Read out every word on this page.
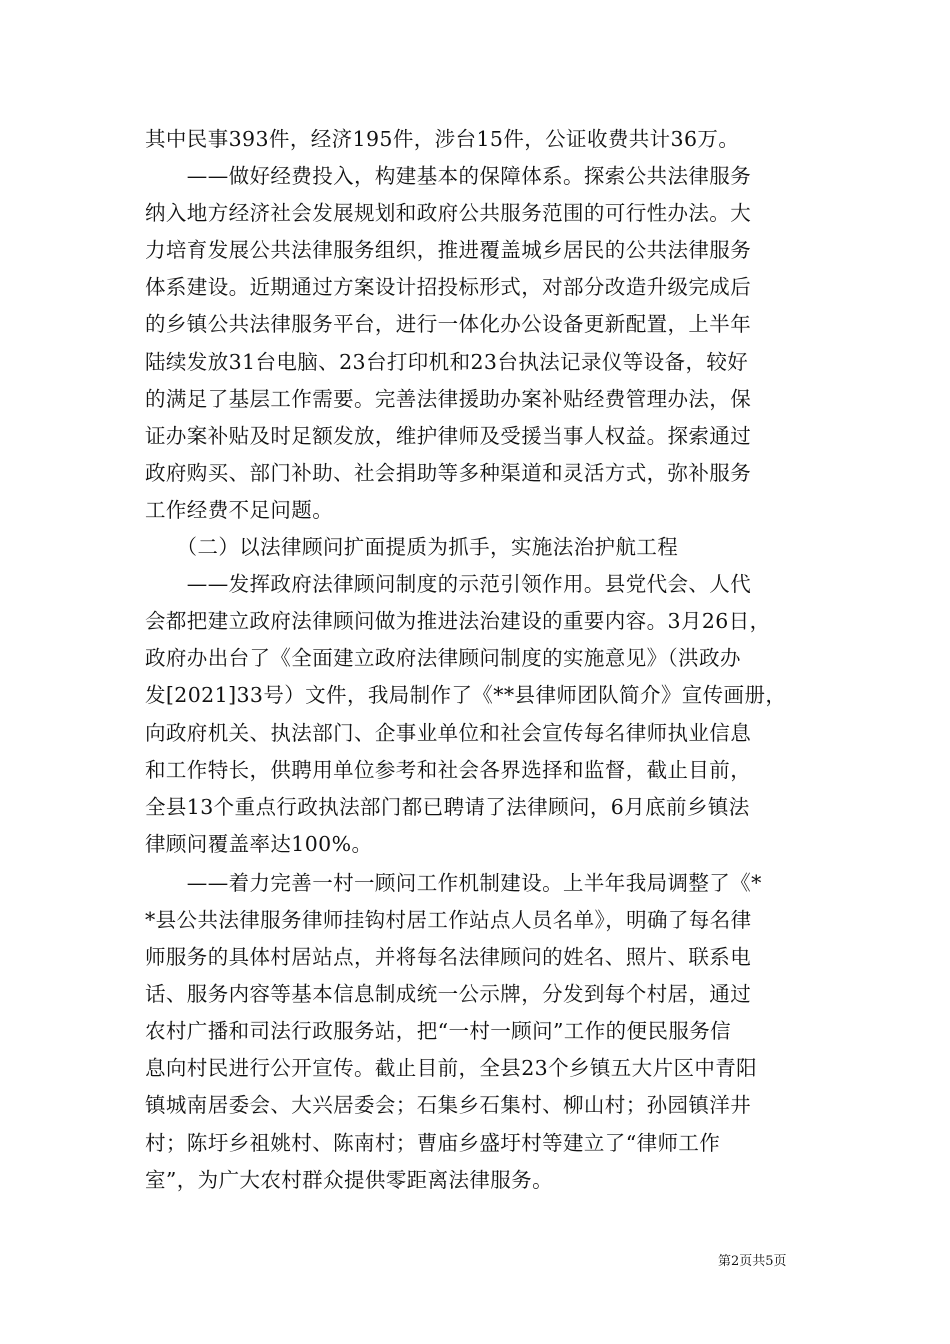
其中民事393件，经济195件，涉台15件，公证收费共计36万。
　　——做好经费投入，构建基本的保障体系。探索公共法律服务
纳入地方经济社会发展规划和政府公共服务范围的可行性办法。大
力培育发展公共法律服务组织，推进覆盖城乡居民的公共法律服务
体系建设。近期通过方案设计招投标形式，对部分改造升级完成后
的乡镇公共法律服务平台，进行一体化办公设备更新配置，上半年
陆续发放31台电脑、23台打印机和23台执法记录仪等设备，较好
的满足了基层工作需要。完善法律援助办案补贴经费管理办法，保
证办案补贴及时足额发放，维护律师及受援当事人权益。探索通过
政府购买、部门补助、社会捐助等多种渠道和灵活方式，弥补服务
工作经费不足问题。
　　（二）以法律顾问扩面提质为抓手，实施法治护航工程
　　——发挥政府法律顾问制度的示范引领作用。县党代会、人代
会都把建立政府法律顾问做为推进法治建设的重要内容。3月26日，
政府办出台了《全面建立政府法律顾问制度的实施意见》（洪政办
发[2021]33号）文件，我局制作了《**县律师团队简介》宣传画册，
向政府机关、执法部门、企事业单位和社会宣传每名律师执业信息
和工作特长，供聘用单位参考和社会各界选择和监督，截止目前，
全县13个重点行政执法部门都已聘请了法律顾问，6月底前乡镇法
律顾问覆盖率达100%。
　　——着力完善一村一顾问工作机制建设。上半年我局调整了《*
*县公共法律服务律师挂钩村居工作站点人员名单》，明确了每名律
师服务的具体村居站点，并将每名法律顾问的姓名、照片、联系电
话、服务内容等基本信息制成统一公示牌，分发到每个村居，通过
农村广播和司法行政服务站，把“一村一顾问”工作的便民服务信
息向村民进行公开宣传。截止目前，全县23个乡镇五大片区中青阳
镇城南居委会、大兴居委会；石集乡石集村、柳山村；孙园镇洋井
村；陈圩乡祖姚村、陈南村；曹庙乡盛圩村等建立了“律师工作
室”，为广大农村群众提供零距离法律服务。
第2页共5页
